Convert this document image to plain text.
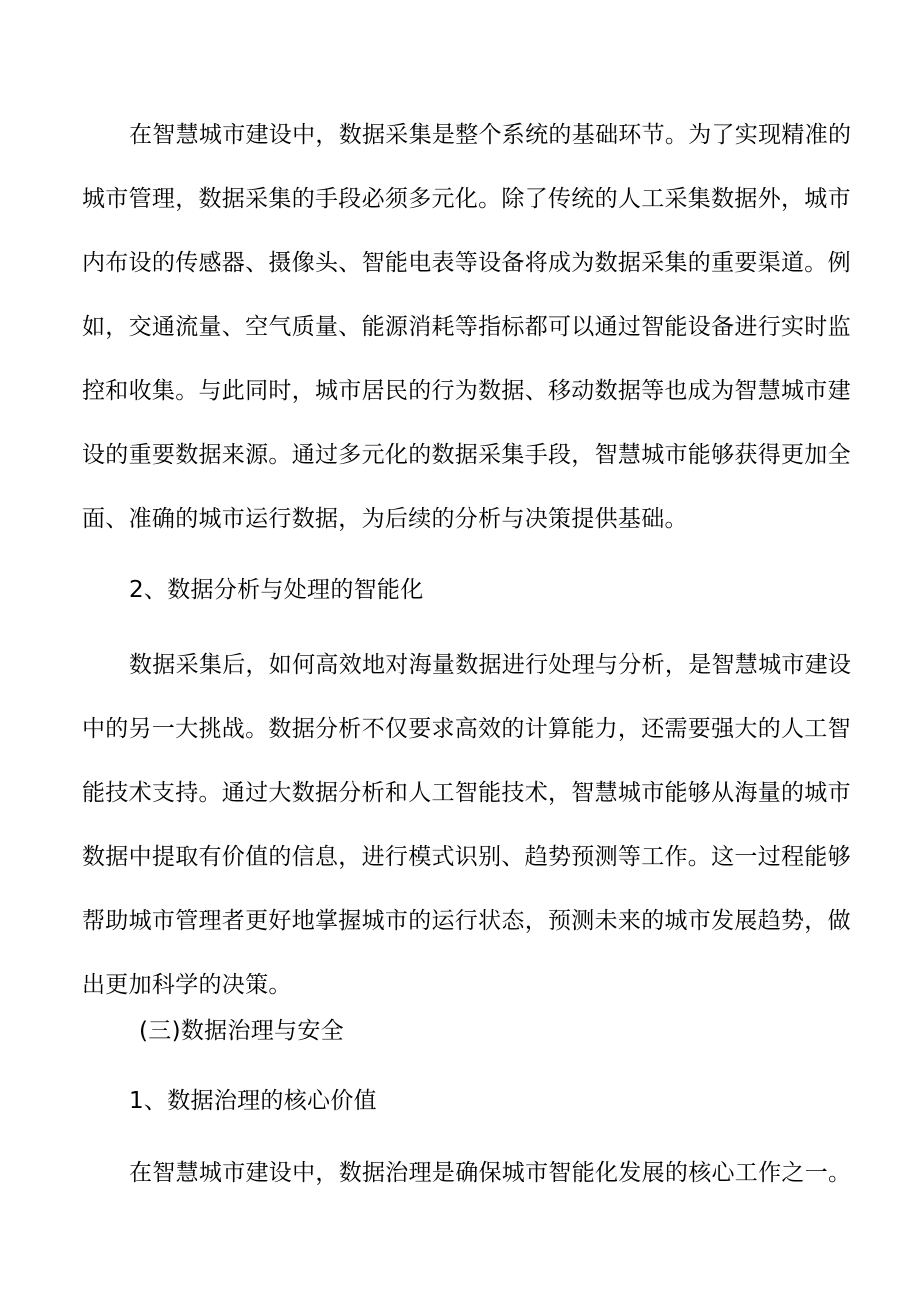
在智慧城市建设中，数据采集是整个系统的基础环节。为了实现精准的
城市管理，数据采集的手段必须多元化。除了传统的人工采集数据外，城市
内布设的传感器、摄像头、智能电表等设备将成为数据采集的重要渠道。例
如，交通流量、空气质量、能源消耗等指标都可以通过智能设备进行实时监
控和收集。与此同时，城市居民的行为数据、移动数据等也成为智慧城市建
设的重要数据来源。通过多元化的数据采集手段，智慧城市能够获得更加全
面、准确的城市运行数据，为后续的分析与决策提供基础。
2、数据分析与处理的智能化
数据采集后，如何高效地对海量数据进行处理与分析，是智慧城市建设
中的另一大挑战。数据分析不仅要求高效的计算能力，还需要强大的人工智
能技术支持。通过大数据分析和人工智能技术，智慧城市能够从海量的城市
数据中提取有价值的信息，进行模式识别、趋势预测等工作。这一过程能够
帮助城市管理者更好地掌握城市的运行状态，预测未来的城市发展趋势，做
出更加科学的决策。
(三)数据治理与安全
1、数据治理的核心价值
在智慧城市建设中，数据治理是确保城市智能化发展的核心工作之一。
